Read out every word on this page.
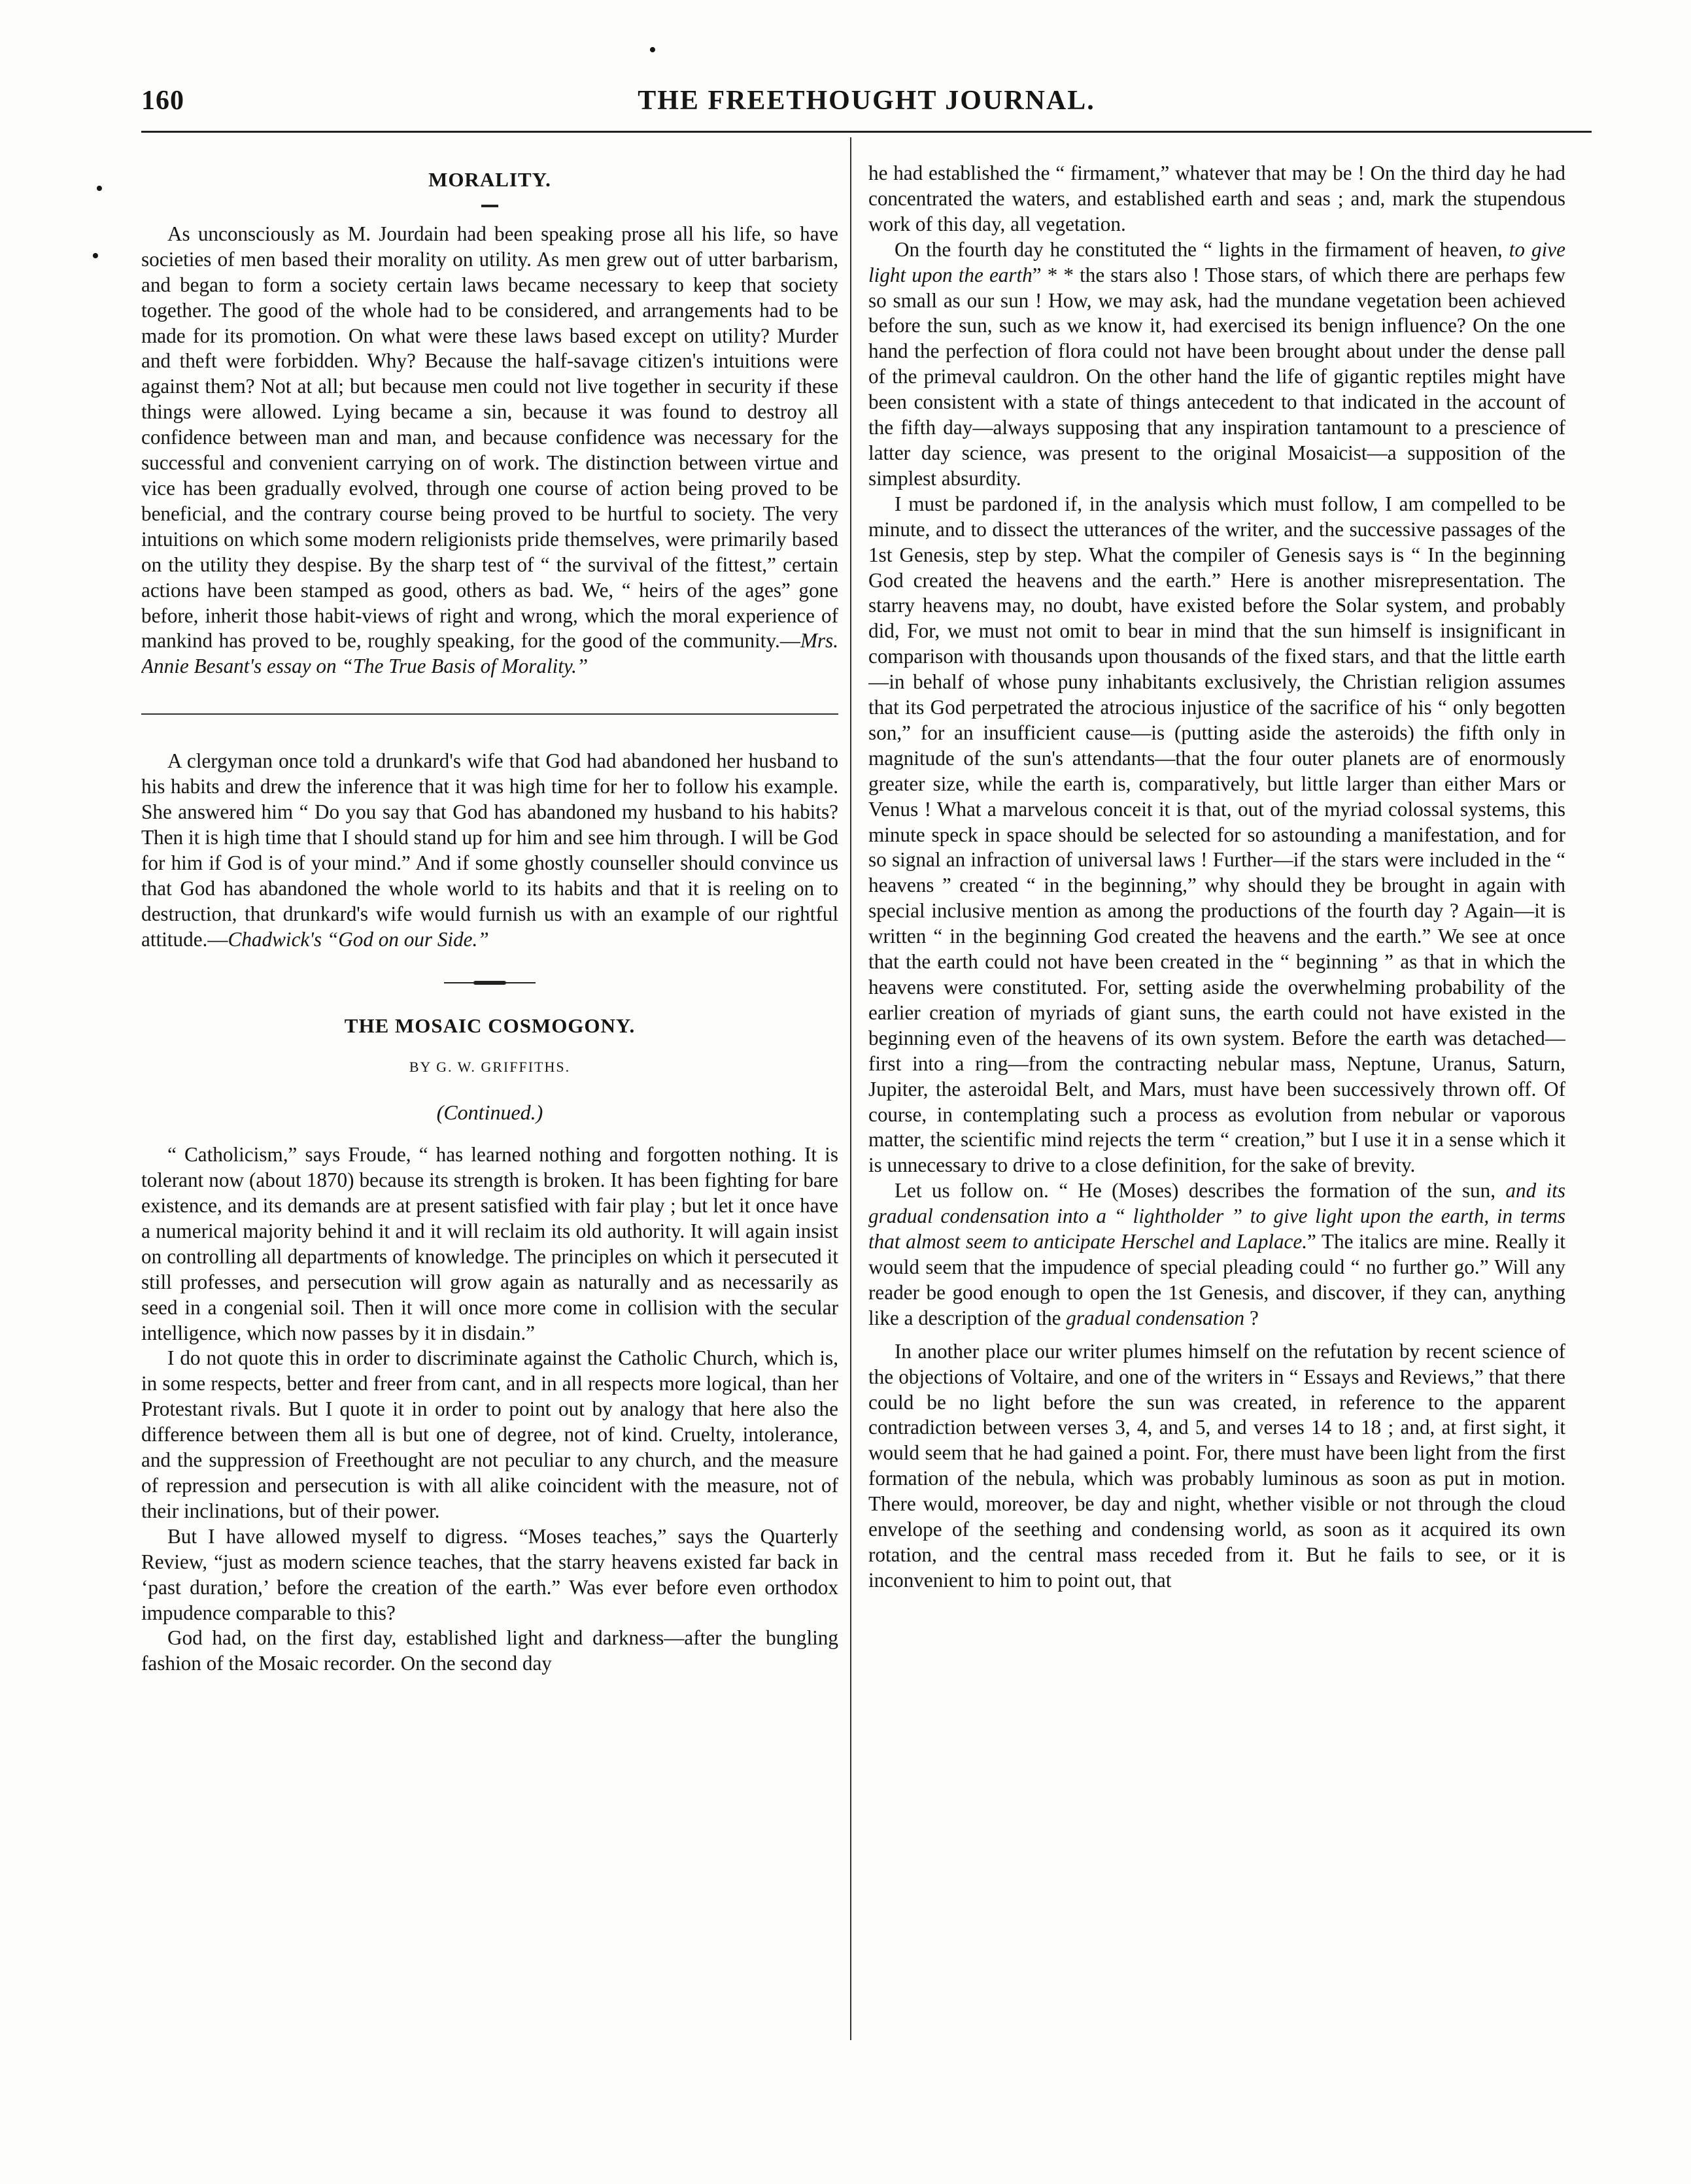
•
160	THE FREETHOUGHT JOURNAL.
•
•
MORALITY.

As unconsciously as M. Jourdain had been speaking prose all his life, so have societies of men based their morality on utility. As men grew out of utter barbarism, and began to form a society certain laws became necessary to keep that society together. The good of the whole had to be considered, and arrangements had to be made for its promotion. On what were these laws based except on utility? Murder and theft were forbidden. Why? Because the half-savage citizen's intuitions were against them? Not at all; but because men could not live together in security if these things were allowed. Lying became a sin, because it was found to destroy all confidence between man and man, and because confidence was necessary for the successful and convenient carrying on of work. The distinction between virtue and vice has been gradually evolved, through one course of action being proved to be beneficial, and the contrary course being proved to be hurtful to society. The very intuitions on which some modern religionists pride themselves, were primarily based on the utility they despise. By the sharp test of “ the survival of the fittest,” certain actions have been stamped as good, others as bad. We, “ heirs of the ages” gone before, inherit those habit-views of right and wrong, which the moral experience of mankind has proved to be, roughly speaking, for the good of the community.—Mrs. Annie Besant's essay on “The True Basis of Morality.”

A clergyman once told a drunkard's wife that God had abandoned her husband to his habits and drew the inference that it was high time for her to follow his example. She answered him “ Do you say that God has abandoned my husband to his habits? Then it is high time that I should stand up for him and see him through. I will be God for him if God is of your mind.” And if some ghostly counseller should convince us that God has abandoned the whole world to its habits and that it is reeling on to destruction, that drunkard's wife would furnish us with an example of our rightful attitude.—Chadwick's “God on our Side.”

THE MOSAIC COSMOGONY.
BY G. W. GRIFFITHS.
(Continued.)

“ Catholicism,” says Froude, “ has learned nothing and forgotten nothing. It is tolerant now (about 1870) because its strength is broken. It has been fighting for bare existence, and its demands are at present satisfied with fair play ; but let it once have a numerical majority behind it and it will reclaim its old authority. It will again insist on controlling all departments of knowledge. The principles on which it persecuted it still professes, and persecution will grow again as naturally and as necessarily as seed in a congenial soil. Then it will once more come in collision with the secular intelligence, which now passes by it in disdain.”

I do not quote this in order to discriminate against the Catholic Church, which is, in some respects, better and freer from cant, and in all respects more logical, than her Protestant rivals. But I quote it in order to point out by analogy that here also the difference between them all is but one of degree, not of kind. Cruelty, intolerance, and the suppression of Freethought are not peculiar to any church, and the measure of repression and persecution is with all alike coincident with the measure, not of their inclinations, but of their power.

But I have allowed myself to digress. “Moses teaches,” says the Quarterly Review, “just as modern science teaches, that the starry heavens existed far back in ‘past duration,’ before the creation of the earth.” Was ever before even orthodox impudence comparable to this?

God had, on the first day, established light and darkness—after the bungling fashion of the Mosaic recorder. On the second day

he had established the “ firmament,” whatever that may be ! On the third day he had concentrated the waters, and established earth and seas ; and, mark the stupendous work of this day, all vegetation.

On the fourth day he constituted the “ lights in the firmament of heaven, to give light upon the earth” * * the stars also ! Those stars, of which there are perhaps few so small as our sun ! How, we may ask, had the mundane vegetation been achieved before the sun, such as we know it, had exercised its benign influence? On the one hand the perfection of flora could not have been brought about under the dense pall of the primeval cauldron. On the other hand the life of gigantic reptiles might have been consistent with a state of things antecedent to that indicated in the account of the fifth day—always supposing that any inspiration tantamount to a prescience of latter day science, was present to the original Mosaicist—a supposition of the simplest absurdity.

I must be pardoned if, in the analysis which must follow, I am compelled to be minute, and to dissect the utterances of the writer, and the successive passages of the 1st Genesis, step by step. What the compiler of Genesis says is “ In the beginning God created the heavens and the earth.” Here is another misrepresentation. The starry heavens may, no doubt, have existed before the Solar system, and probably did, For, we must not omit to bear in mind that the sun himself is insignificant in comparison with thousands upon thousands of the fixed stars, and that the little earth—in behalf of whose puny inhabitants exclusively, the Christian religion assumes that its God perpetrated the atrocious injustice of the sacrifice of his “ only begotten son,” for an insufficient cause—is (putting aside the asteroids) the fifth only in magnitude of the sun's attendants—that the four outer planets are of enormously greater size, while the earth is, comparatively, but little larger than either Mars or Venus ! What a marvelous conceit it is that, out of the myriad colossal systems, this minute speck in space should be selected for so astounding a manifestation, and for so signal an infraction of universal laws ! Further—if the stars were included in the “ heavens ” created “ in the beginning,” why should they be brought in again with special inclusive mention as among the productions of the fourth day ? Again—it is written “ in the beginning God created the heavens and the earth.” We see at once that the earth could not have been created in the “ beginning ” as that in which the heavens were constituted. For, setting aside the overwhelming probability of the earlier creation of myriads of giant suns, the earth could not have existed in the beginning even of the heavens of its own system. Before the earth was detached—first into a ring—from the contracting nebular mass, Neptune, Uranus, Saturn, Jupiter, the asteroidal Belt, and Mars, must have been successively thrown off. Of course, in contemplating such a process as evolution from nebular or vaporous matter, the scientific mind rejects the term “ creation,” but I use it in a sense which it is unnecessary to drive to a close definition, for the sake of brevity.

Let us follow on. “ He (Moses) describes the formation of the sun, and its gradual condensation into a “ lightholder ” to give light upon the earth, in terms that almost seem to anticipate Herschel and Laplace.” The italics are mine. Really it would seem that the impudence of special pleading could “ no further go.” Will any reader be good enough to open the 1st Genesis, and discover, if they can, anything like a description of the gradual condensation ?

In another place our writer plumes himself on the refutation by recent science of the objections of Voltaire, and one of the writers in “ Essays and Reviews,” that there could be no light before the sun was created, in reference to the apparent contradiction between verses 3, 4, and 5, and verses 14 to 18 ; and, at first sight, it would seem that he had gained a point. For, there must have been light from the first formation of the nebula, which was probably luminous as soon as put in motion. There would, moreover, be day and night, whether visible or not through the cloud envelope of the seething and condensing world, as soon as it acquired its own rotation, and the central mass receded from it. But he fails to see, or it is inconvenient to him to point out, that
